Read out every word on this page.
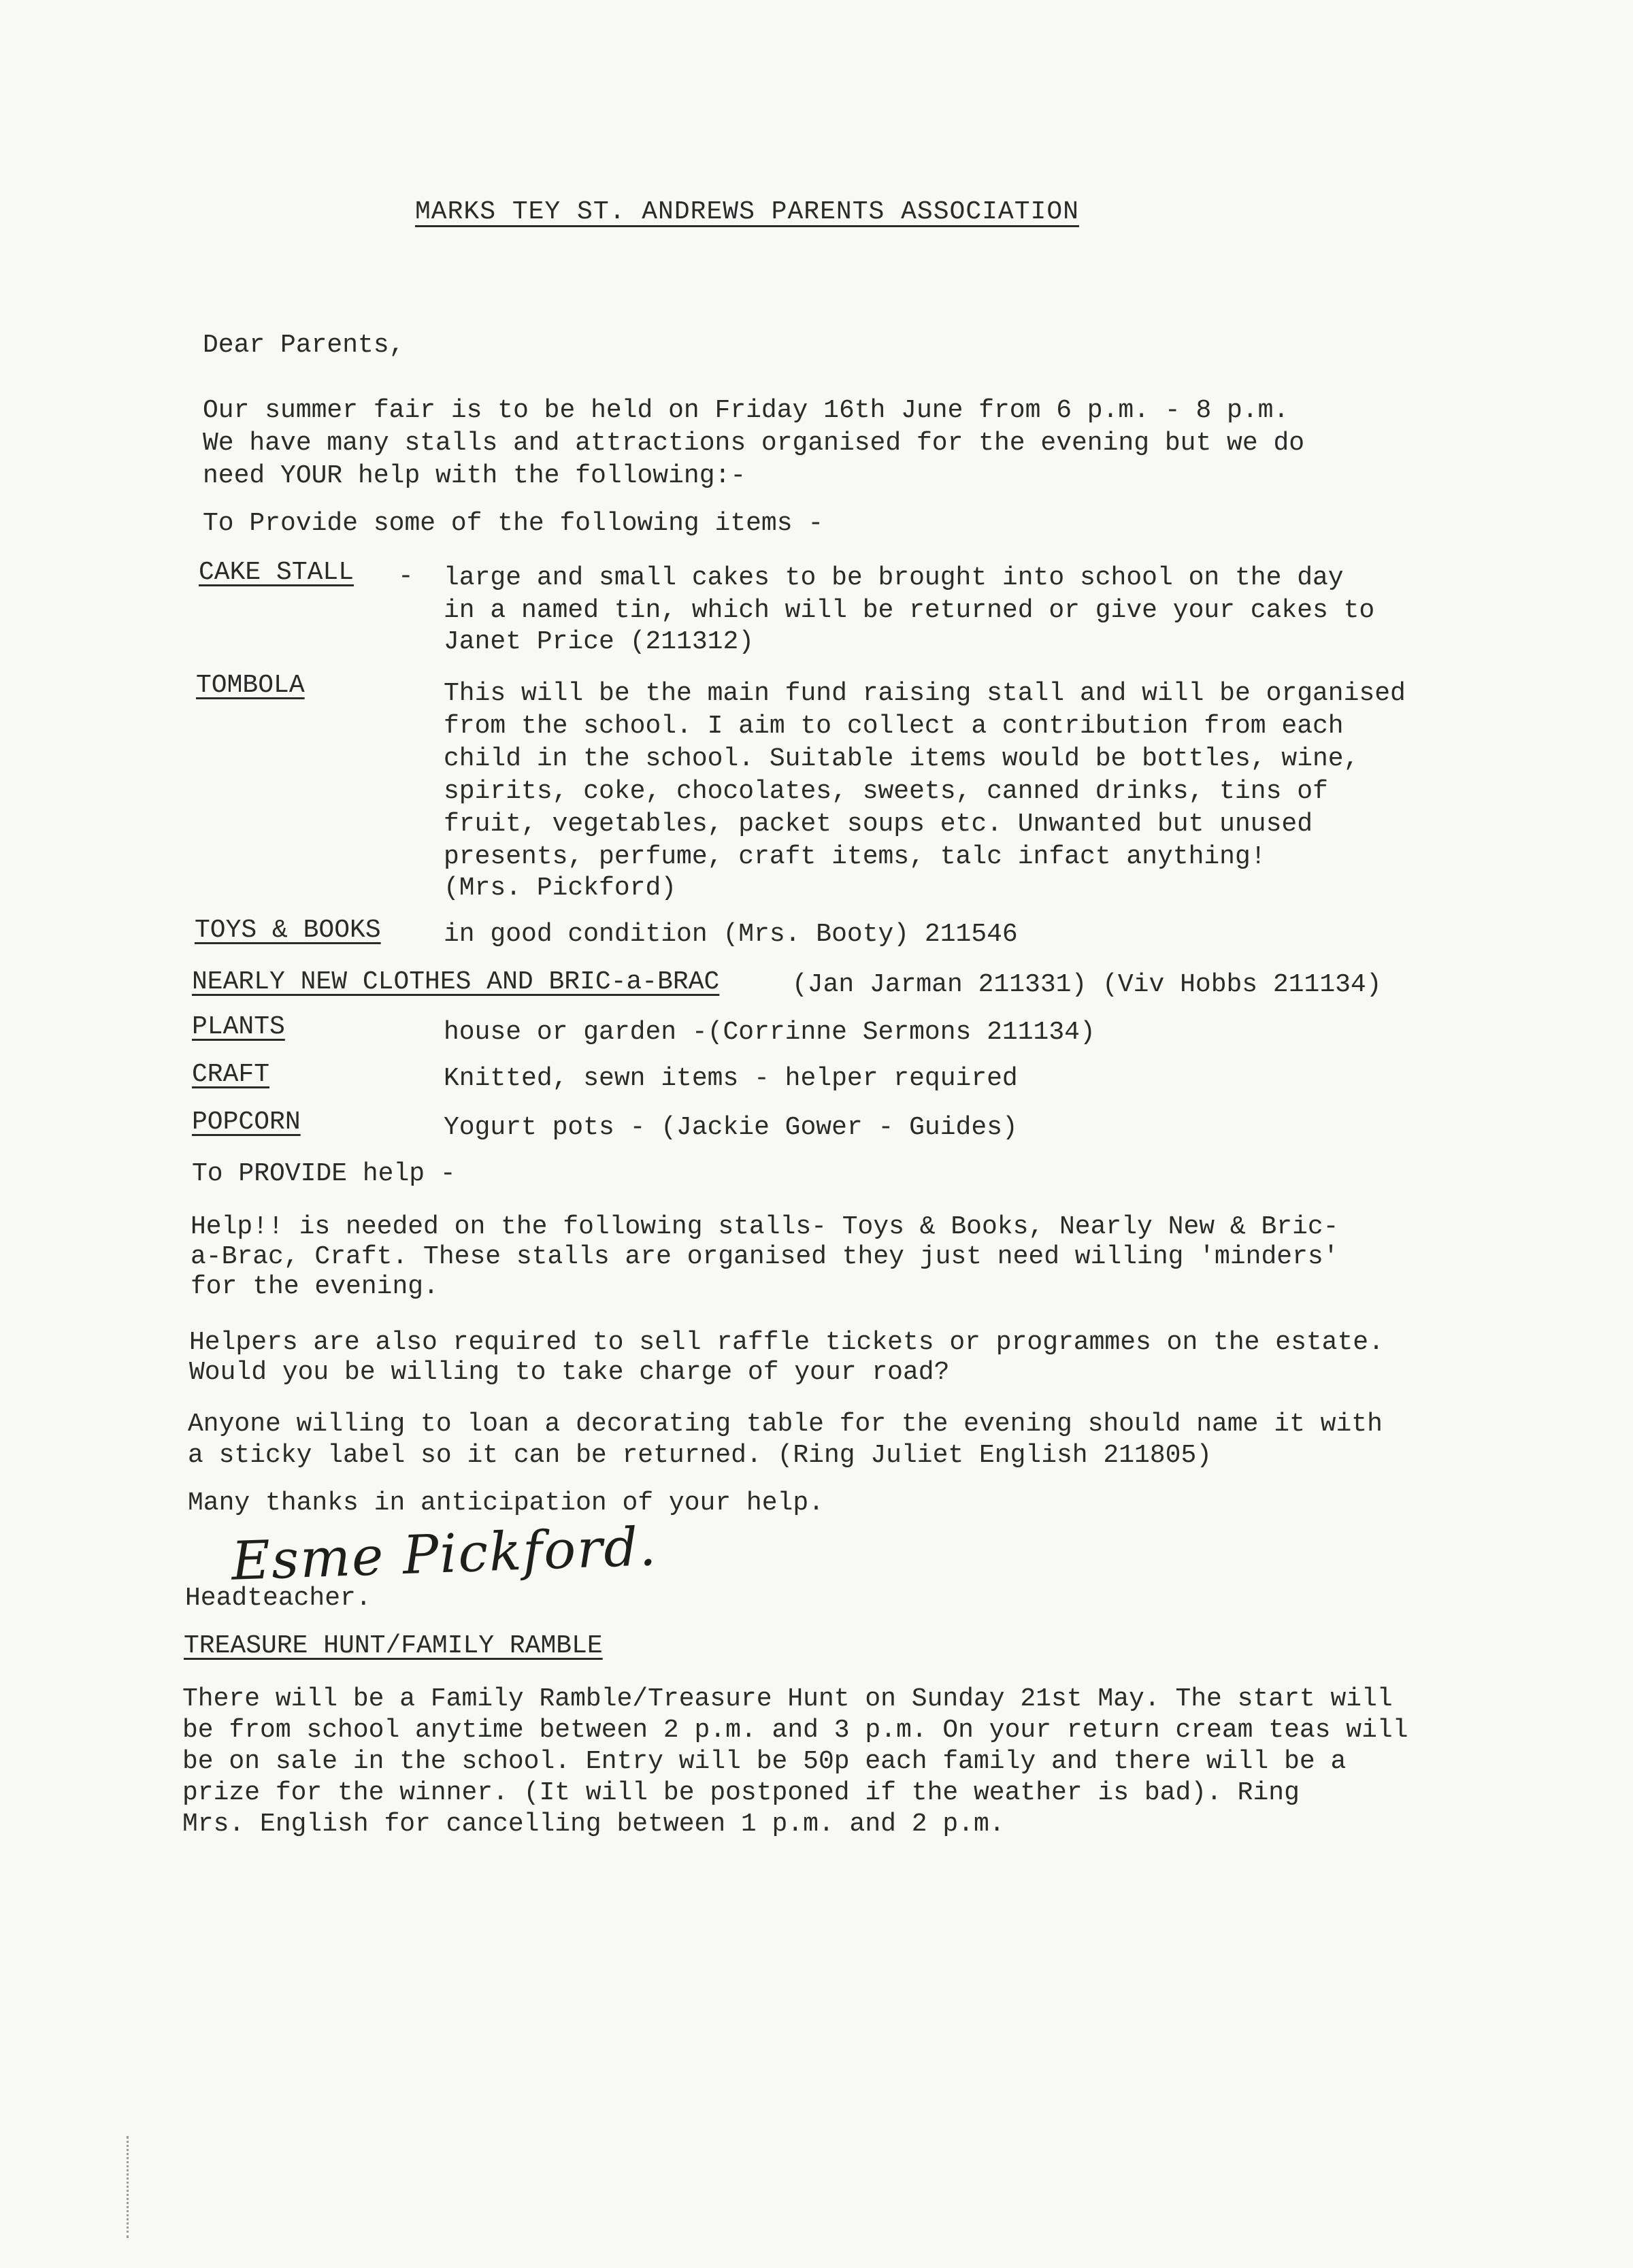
MARKS TEY ST. ANDREWS PARENTS ASSOCIATION

Dear Parents,

Our summer fair is to be held on Friday 16th June from 6 p.m. - 8 p.m.

We have many stalls and attractions organised for the evening but we do

need YOUR help with the following:-

To Provide some of the following items -

CAKE STALL - large and small cakes to be brought into school on the day
in a named tin, which will be returned or give your cakes to
Janet Price (211312)
TOMBOLA	This will be the main fund raising stall and will be organised
from the school. I aim to collect a contribution from each
child in the school. Suitable items would be bottles, wine,
spirits, coke, chocolates, sweets, canned drinks, tins of
fruit, vegetables, packet soups etc. Unwanted but unused
presents, perfume, craft items, talc infact anything!
(Mrs. Pickford)
TOYS & BOOKS in good condition (Mrs. Booty) 211546
NEARLY NEW CLOTHES AND BRIC-a-BRAC	(Jan Jarman 211331) (Viv Hobbs 211134)
PLANTS	house or garden -(Corrinne Sermons 211134)
CRAFT	Knitted, sewn items - helper required
POPCORN	Yogurt pots - (Jackie Gower - Guides)

To PROVIDE help -

Help!! is needed on the following stalls- Toys & Books, Nearly New & Bric-

a-Brac, Craft. These stalls are organised they just need willing 'minders'

for the evening.

Helpers are also required to sell raffle tickets or programmes on the estate.

Would you be willing to take charge of your road?

Anyone willing to loan a decorating table for the evening should name it with

a sticky label so it can be returned. (Ring Juliet English 211805)

Many thanks in anticipation of your help.

Esme Pickford.

Headteacher.

TREASURE HUNT/FAMILY RAMBLE

There will be a Family Ramble/Treasure Hunt on Sunday 21st May. The start will

be from school anytime between 2 p.m. and 3 p.m. On your return cream teas will

be on sale in the school. Entry will be 50p each family and there will be a

prize for the winner. (It will be postponed if the weather is bad). Ring

Mrs. English for cancelling between 1 p.m. and 2 p.m.
